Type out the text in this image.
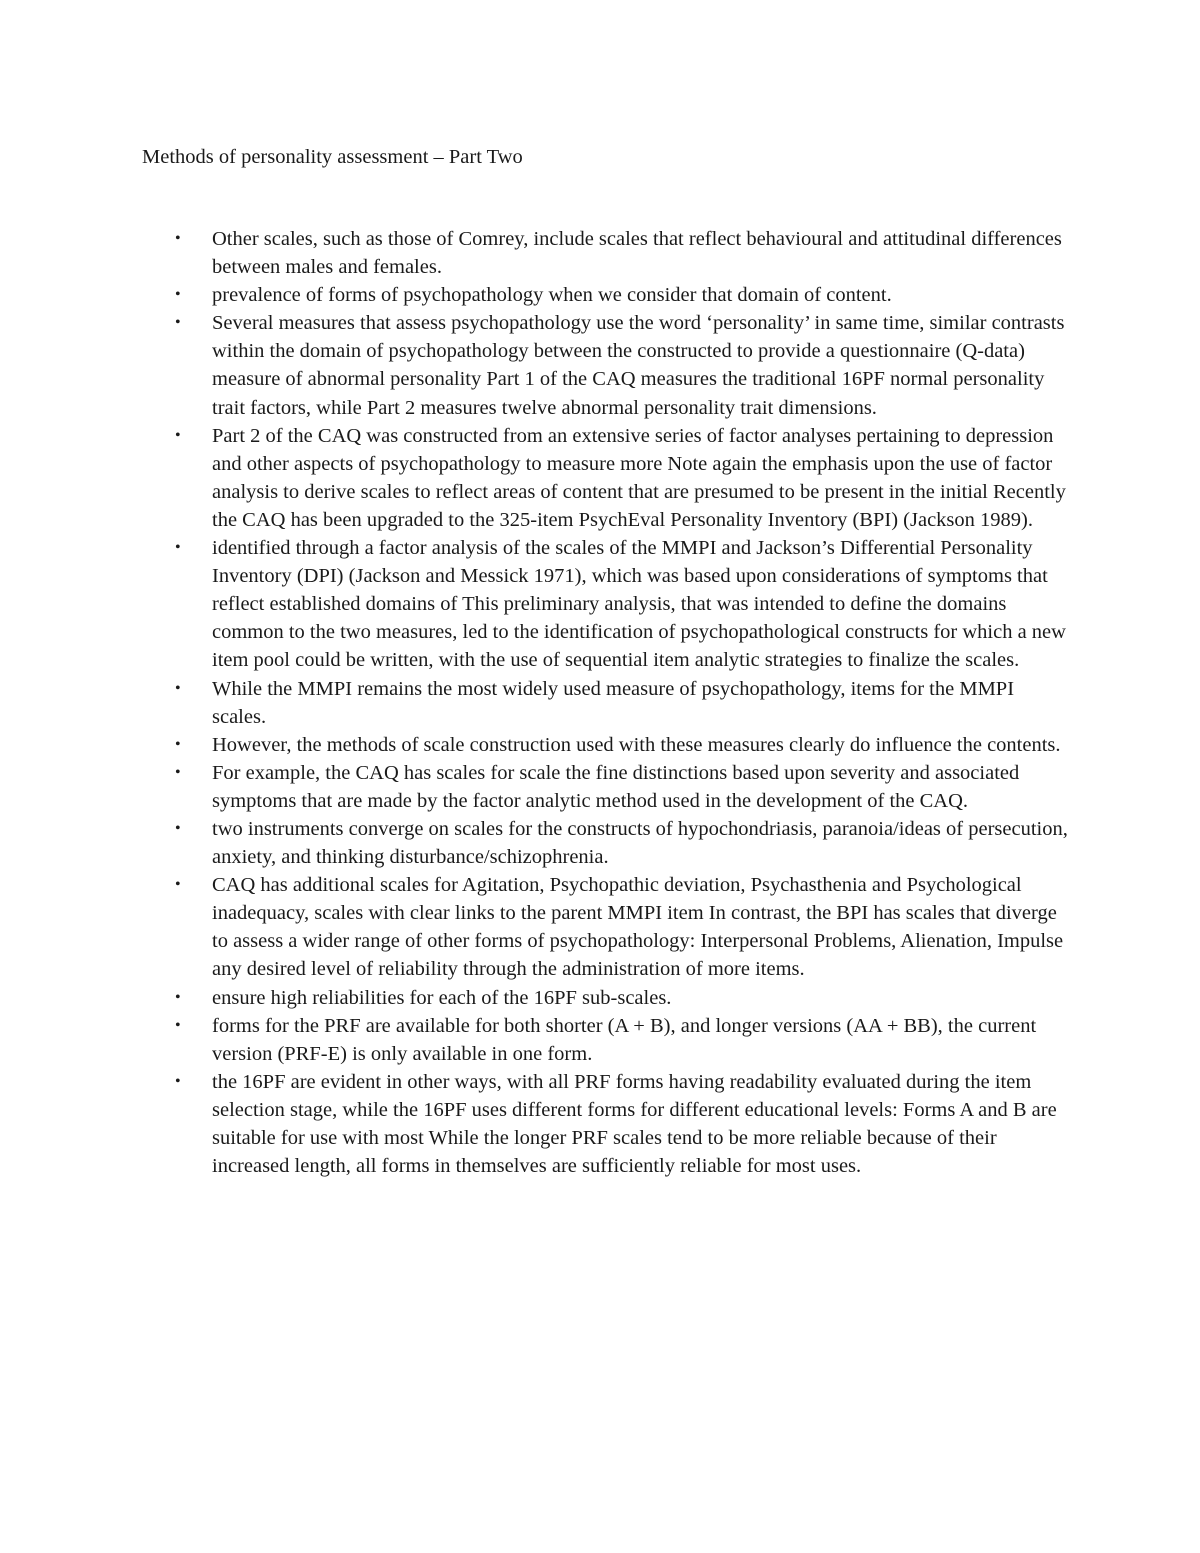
Methods of personality assessment – Part Two
• Other scales, such as those of Comrey, include scales that reflect behavioural and attitudinal differences between males and females.
• prevalence of forms of psychopathology when we consider that domain of content.
• Several measures that assess psychopathology use the word ‘personality’ in same time, similar contrasts within the domain of psychopathology between the constructed to provide a questionnaire (Q-data) measure of abnormal personality Part 1 of the CAQ measures the traditional 16PF normal personality trait factors, while Part 2 measures twelve abnormal personality trait dimensions.
• Part 2 of the CAQ was constructed from an extensive series of factor analyses pertaining to depression and other aspects of psychopathology to measure more Note again the emphasis upon the use of factor analysis to derive scales to reflect areas of content that are presumed to be present in the initial Recently the CAQ has been upgraded to the 325-item PsychEval Personality Inventory (BPI) (Jackson 1989).
• identified through a factor analysis of the scales of the MMPI and Jackson’s Differential Personality Inventory (DPI) (Jackson and Messick 1971), which was based upon considerations of symptoms that reflect established domains of This preliminary analysis, that was intended to define the domains common to the two measures, led to the identification of psychopathological constructs for which a new item pool could be written, with the use of sequential item analytic strategies to finalize the scales.
• While the MMPI remains the most widely used measure of psychopathology, items for the MMPI scales.
• However, the methods of scale construction used with these measures clearly do influence the contents.
• For example, the CAQ has scales for scale the fine distinctions based upon severity and associated symptoms that are made by the factor analytic method used in the development of the CAQ.
• two instruments converge on scales for the constructs of hypochondriasis, paranoia/ideas of persecution, anxiety, and thinking disturbance/schizophrenia.
• CAQ has additional scales for Agitation, Psychopathic deviation, Psychasthenia and Psychological inadequacy, scales with clear links to the parent MMPI item In contrast, the BPI has scales that diverge to assess a wider range of other forms of psychopathology: Interpersonal Problems, Alienation, Impulse any desired level of reliability through the administration of more items.
• ensure high reliabilities for each of the 16PF sub-scales.
• forms for the PRF are available for both shorter (A + B), and longer versions (AA + BB), the current version (PRF-E) is only available in one form.
• the 16PF are evident in other ways, with all PRF forms having readability evaluated during the item selection stage, while the 16PF uses different forms for different educational levels: Forms A and B are suitable for use with most While the longer PRF scales tend to be more reliable because of their increased length, all forms in themselves are sufficiently reliable for most uses.
